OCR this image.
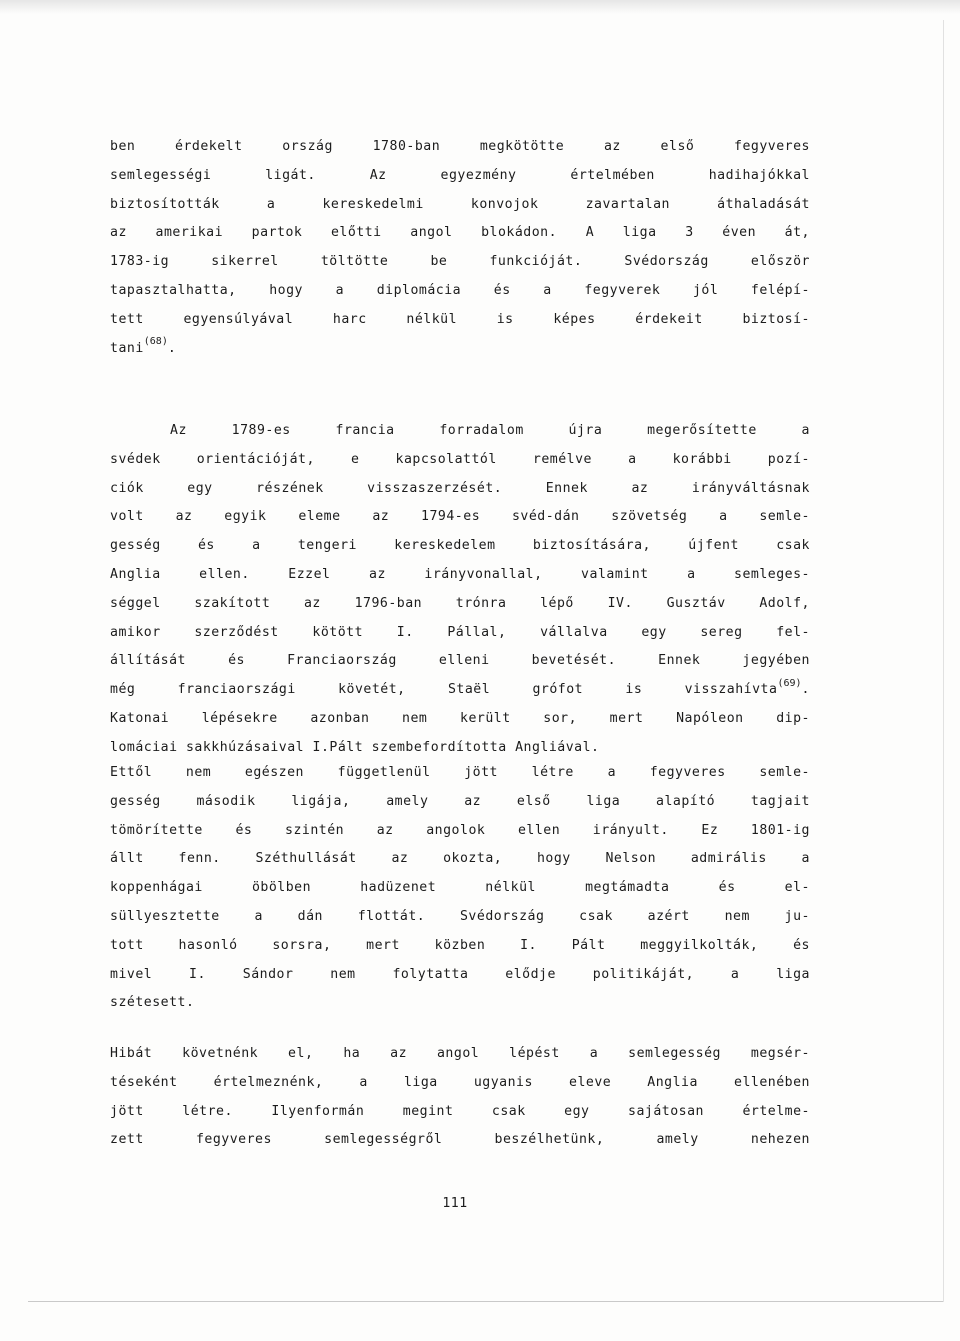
ben érdekelt ország 1780-ban megkötötte az első fegyveres
semlegességi ligát. Az egyezmény értelmében hadihajókkal
biztosították a kereskedelmi konvojok zavartalan áthaladását
az amerikai partok előtti angol blokádon. A liga 3 éven át,
1783-ig sikerrel töltötte be funkcióját. Svédország először
tapasztalhatta, hogy a diplomácia és a fegyverek jól felépí-
tett egyensúlyával harc nélkül is képes érdekeit biztosí-
tani$^{(68)}$.
Az 1789-es francia forradalom újra megerősítette a
svédek orientációját, e kapcsolattól remélve a korábbi pozí-
ciók egy részének visszaszerzését. Ennek az irányváltásnak
volt az egyik eleme az 1794-es svéd-dán szövetség a semle-
gesség és a tengeri kereskedelem biztosítására, újfent csak
Anglia ellen. Ezzel az irányvonallal, valamint a semleges-
séggel szakított az 1796-ban trónra lépő IV. Gusztáv Adolf,
amikor szerződést kötött I. Pállal, vállalva egy sereg fel-
állítását és Franciaország elleni bevetését. Ennek jegyében
még franciaországi követét, Staël grófot is visszahívta$^{(69)}$.
Katonai lépésekre azonban nem került sor, mert Napóleon dip-
lomáciai sakkhúzásaival I.Pált szembefordította Angliával.
Ettől nem egészen függetlenül jött létre a fegyveres semle-
gesség második ligája, amely az első liga alapító tagjait
tömörítette és szintén az angolok ellen irányult. Ez 1801-ig
állt fenn. Széthullását az okozta, hogy Nelson admirális a
koppenhágai öbölben hadüzenet nélkül megtámadta és el-
süllyesztette a dán flottát. Svédország csak azért nem ju-
tott hasonló sorsra, mert közben I. Pált meggyilkolták, és
mivel I. Sándor nem folytatta elődje politikáját, a liga
szétesett.
Hibát követnénk el, ha az angol lépést a semlegesség megsér-
téseként értelmeznénk, a liga ugyanis eleve Anglia ellenében
jött létre. Ilyenformán megint csak egy sajátosan értelme-
zett fegyveres semlegességről beszélhetünk, amely nehezen
111
